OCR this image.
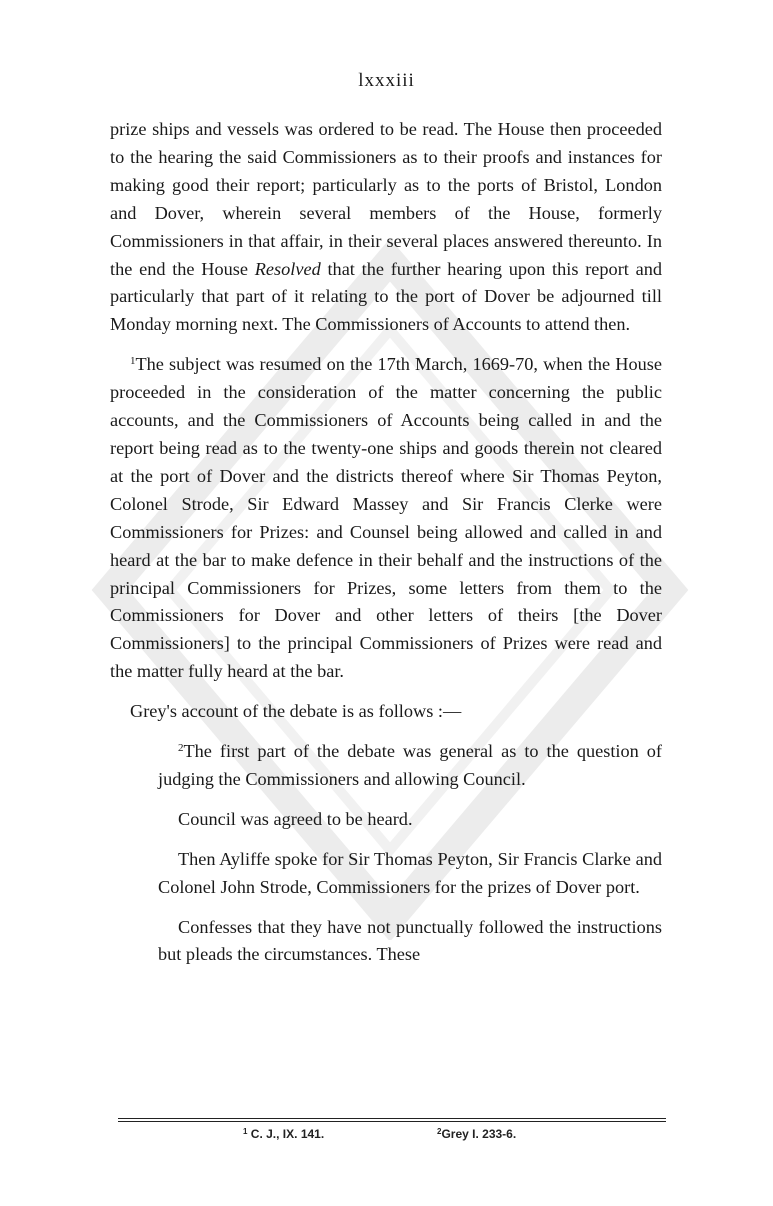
lxxxiii

prize ships and vessels was ordered to be read. The House then proceeded to the hearing the said Commissioners as to their proofs and instances for making good their report; particularly as to the ports of Bristol, London and Dover, wherein several members of the House, formerly Commissioners in that affair, in their several places answered thereunto. In the end the House Resolved that the further hearing upon this report and particularly that part of it relating to the port of Dover be adjourned till Monday morning next. The Commissioners of Accounts to attend then.

$^1$The subject was resumed on the 17th March, 1669-70, when the House proceeded in the consideration of the matter concerning the public accounts, and the Commissioners of Accounts being called in and the report being read as to the twenty-one ships and goods therein not cleared at the port of Dover and the districts thereof where Sir Thomas Peyton, Colonel Strode, Sir Edward Massey and Sir Francis Clerke were Commissioners for Prizes: and Counsel being allowed and called in and heard at the bar to make defence in their behalf and the instructions of the principal Commissioners for Prizes, some letters from them to the Commissioners for Dover and other letters of theirs [the Dover Commissioners] to the principal Commissioners of Prizes were read and the matter fully heard at the bar.

Grey's account of the debate is as follows :—

$^2$The first part of the debate was general as to the question of judging the Commissioners and allowing Council.

Council was agreed to be heard.

Then Ayliffe spoke for Sir Thomas Peyton, Sir Francis Clarke and Colonel John Strode, Commissioners for the prizes of Dover port.

Confesses that they have not punctually followed the instructions but pleads the circumstances. These

$^1$ C. J., IX. 141.	$^2$Grey I. 233-6.
